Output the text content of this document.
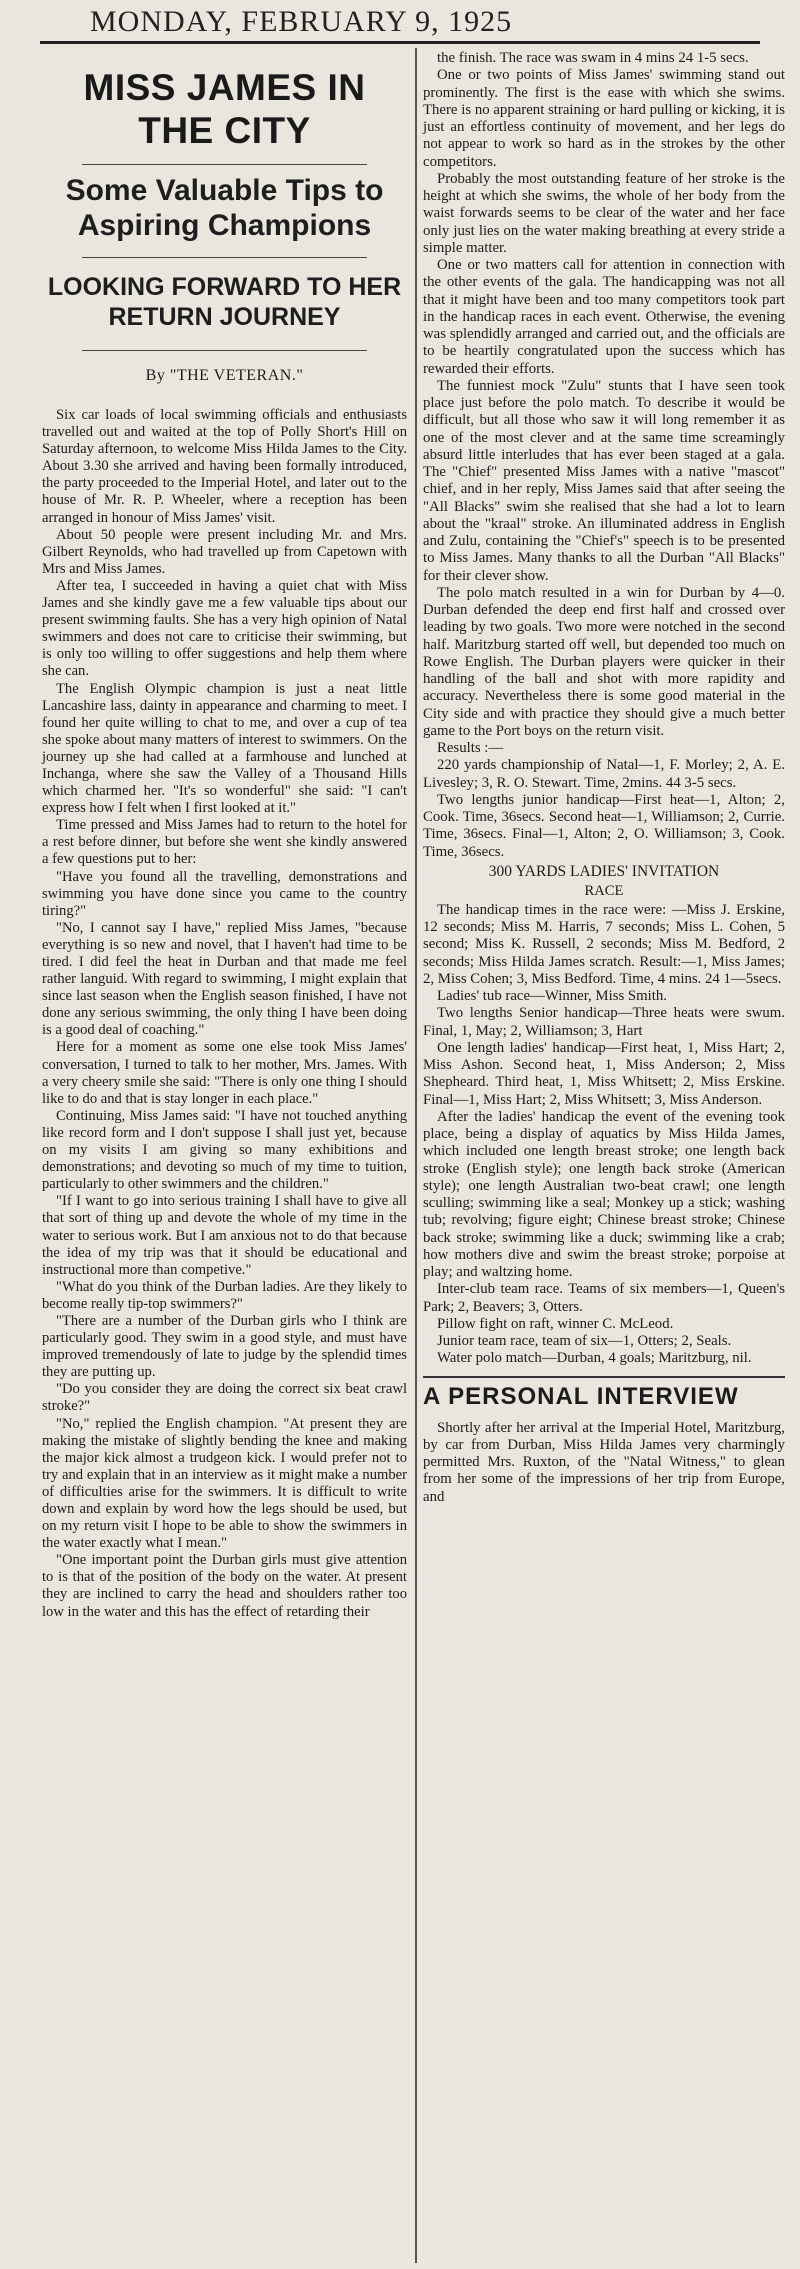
MONDAY, FEBRUARY 9, 1925
MISS JAMES IN THE CITY
Some Valuable Tips to Aspiring Champions
LOOKING FORWARD TO HER RETURN JOURNEY
By "THE VETERAN."

Six car loads of local swimming officials and enthusiasts travelled out and waited at the top of Polly Short's Hill on Saturday afternoon, to welcome Miss Hilda James to the City. About 3.30 she arrived and having been formally introduced, the party proceeded to the Imperial Hotel, and later out to the house of Mr. R. P. Wheeler, where a reception has been arranged in honour of Miss James' visit.

About 50 people were present including Mr. and Mrs. Gilbert Reynolds, who had travelled up from Capetown with Mrs and Miss James.

After tea, I succeeded in having a quiet chat with Miss James and she kindly gave me a few valuable tips about our present swimming faults. She has a very high opinion of Natal swimmers and does not care to criticise their swimming, but is only too willing to offer suggestions and help them where she can.

The English Olympic champion is just a neat little Lancashire lass, dainty in appearance and charming to meet. I found her quite willing to chat to me, and over a cup of tea she spoke about many matters of interest to swimmers. On the journey up she had called at a farmhouse and lunched at Inchanga, where she saw the Valley of a Thousand Hills which charmed her. "It's so wonderful" she said: "I can't express how I felt when I first looked at it."

Time pressed and Miss James had to return to the hotel for a rest before dinner, but before she went she kindly answered a few questions put to her:

"Have you found all the travelling, demonstrations and swimming you have done since you came to the country tiring?"

"No, I cannot say I have," replied Miss James, "because everything is so new and novel, that I haven't had time to be tired. I did feel the heat in Durban and that made me feel rather languid. With regard to swimming, I might explain that since last season when the English season finished, I have not done any serious swimming, the only thing I have been doing is a good deal of coaching."

Here for a moment as some one else took Miss James' conversation, I turned to talk to her mother, Mrs. James. With a very cheery smile she said: "There is only one thing I should like to do and that is stay longer in each place."

Continuing, Miss James said: "I have not touched anything like record form and I don't suppose I shall just yet, because on my visits I am giving so many exhibitions and demonstrations; and devoting so much of my time to tuition, particularly to other swimmers and the children."

"If I want to go into serious training I shall have to give all that sort of thing up and devote the whole of my time in the water to serious work. But I am anxious not to do that because the idea of my trip was that it should be educational and instructional more than competive."

"What do you think of the Durban ladies. Are they likely to become really tip-top swimmers?"

"There are a number of the Durban girls who I think are particularly good. They swim in a good style, and must have improved tremendously of late to judge by the splendid times they are putting up.

"Do you consider they are doing the correct six beat crawl stroke?"

"No," replied the English champion. "At present they are making the mistake of slightly bending the knee and making the major kick almost a trudgeon kick. I would prefer not to try and explain that in an interview as it might make a number of difficulties arise for the swimmers. It is difficult to write down and explain by word how the legs should be used, but on my return visit I hope to be able to show the swimmers in the water exactly what I mean."

"One important point the Durban girls must give attention to is that of the position of the body on the water. At present they are inclined to carry the head and shoulders rather too low in the water and this has the effect of retarding their

the finish. The race was swam in 4 mins 24 1-5 secs.

One or two points of Miss James' swimming stand out prominently. The first is the ease with which she swims. There is no apparent straining or hard pulling or kicking, it is just an effortless continuity of movement, and her legs do not appear to work so hard as in the strokes by the other competitors.

Probably the most outstanding feature of her stroke is the height at which she swims, the whole of her body from the waist forwards seems to be clear of the water and her face only just lies on the water making breathing at every stride a simple matter.

One or two matters call for attention in connection with the other events of the gala. The handicapping was not all that it might have been and too many competitors took part in the handicap races in each event. Otherwise, the evening was splendidly arranged and carried out, and the officials are to be heartily congratulated upon the success which has rewarded their efforts.

The funniest mock "Zulu" stunts that I have seen took place just before the polo match. To describe it would be difficult, but all those who saw it will long remember it as one of the most clever and at the same time screamingly absurd little interludes that has ever been staged at a gala. The "Chief" presented Miss James with a native "mascot" chief, and in her reply, Miss James said that after seeing the "All Blacks" swim she realised that she had a lot to learn about the "kraal" stroke. An illuminated address in English and Zulu, containing the "Chief's" speech is to be presented to Miss James. Many thanks to all the Durban "All Blacks" for their clever show.

The polo match resulted in a win for Durban by 4—0. Durban defended the deep end first half and crossed over leading by two goals. Two more were notched in the second half. Maritzburg started off well, but depended too much on Rowe English. The Durban players were quicker in their handling of the ball and shot with more rapidity and accuracy. Nevertheless there is some good material in the City side and with practice they should give a much better game to the Port boys on the return visit.

Results :—

220 yards championship of Natal—1, F. Morley; 2, A. E. Livesley; 3, R. O. Stewart. Time, 2mins. 44 3-5 secs.

Two lengths junior handicap—First heat—1, Alton; 2, Cook. Time, 36secs. Second heat—1, Williamson; 2, Currie. Time, 36secs. Final—1, Alton; 2, O. Williamson; 3, Cook. Time, 36secs.

300 YARDS LADIES' INVITATION
RACE

The handicap times in the race were: —Miss J. Erskine, 12 seconds; Miss M. Harris, 7 seconds; Miss L. Cohen, 5 second; Miss K. Russell, 2 seconds; Miss M. Bedford, 2 seconds; Miss Hilda James scratch. Result:—1, Miss James; 2, Miss Cohen; 3, Miss Bedford. Time, 4 mins. 24 1—5secs.

Ladies' tub race—Winner, Miss Smith.

Two lengths Senior handicap—Three heats were swum. Final, 1, May; 2, Williamson; 3, Hart

One length ladies' handicap—First heat, 1, Miss Hart; 2, Miss Ashon. Second heat, 1, Miss Anderson; 2, Miss Shepheard. Third heat, 1, Miss Whitsett; 2, Miss Erskine. Final—1, Miss Hart; 2, Miss Whitsett; 3, Miss Anderson.

After the ladies' handicap the event of the evening took place, being a display of aquatics by Miss Hilda James, which included one length breast stroke; one length back stroke (English style); one length back stroke (American style); one length Australian two-beat crawl; one length sculling; swimming like a seal; Monkey up a stick; washing tub; revolving; figure eight; Chinese breast stroke; Chinese back stroke; swimming like a duck; swimming like a crab; how mothers dive and swim the breast stroke; porpoise at play; and waltzing home.

Inter-club team race. Teams of six members—1, Queen's Park; 2, Beavers; 3, Otters.

Pillow fight on raft, winner C. McLeod.

Junior team race, team of six—1, Otters; 2, Seals.

Water polo match—Durban, 4 goals; Maritzburg, nil.

A PERSONAL INTERVIEW

Shortly after her arrival at the Imperial Hotel, Maritzburg, by car from Durban, Miss Hilda James very charmingly permitted Mrs. Ruxton, of the "Natal Witness," to glean from her some of the impressions of her trip from Europe, and
